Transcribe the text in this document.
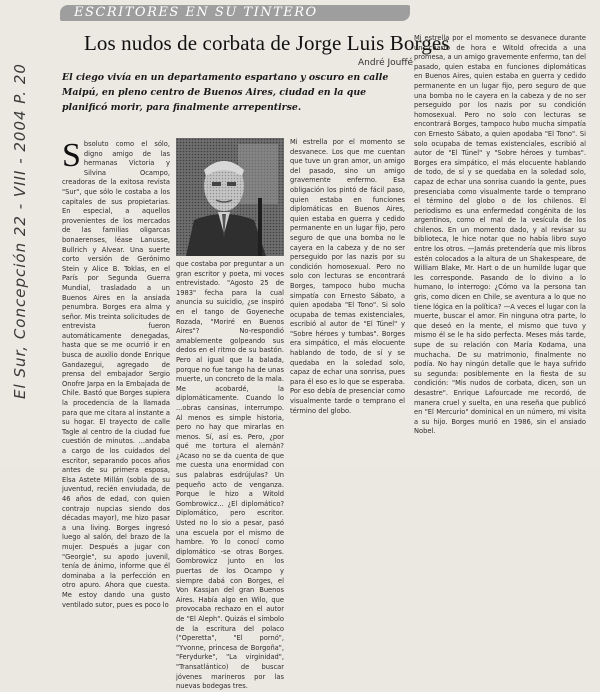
El Sur, Concepción 22 - VIII - 2004 P. 20
ESCRITORES EN SU TINTERO
Los nudos de corbata de Jorge Luis Borges
André Jouffé
El ciego vivía en un departamento espartano y oscuro en calle Maipú, en pleno centro de Buenos Aires, ciudad en la que planificó morir, para finalmente arrepentirse.
S bsoluto como el sólo, digno amigo de las hermanas Victoria y Silvina Ocampo, creadoras de la exitosa revista "Sur", que sólo le costaba a los capitales de sus propietarias. En especial, a aquellos provenientes de los mercados de las familias oligarcas bonaerenses, léase Lanusse, Bullrich y Alvear. Una suerte corto versión de Gerónimo Stein y Alice B. Toklas, en el París por Segunda Guerra Mundial, trasladado a un Buenos Aires en la ansiada penumbra. Borges era alma y señor. Mis treinta solicitudes de entrevista fueron automáticamente denegadas, hasta que se me ocurrió ir en busca de auxilio donde Enrique Gandazegui, agregado de prensa del embajador Sergio Onofre Jarpa en la Embajada de Chile. Bastó que Borges supiera la procedencia de la llamada para que me citara al instante a su hogar. El trayecto de calle Tagle al centro de la ciudad fue cuestión de minutos. ...andaba a cargo de los cuidados del escritor, separando pocos años antes de su primera esposa, Elsa Astete Millán (sobla de su juventud, recién enviudada, de 46 años de edad, con quien contrajo nupcias siendo dos décadas mayor), me hizo pasar a una living. Borges ingresó luego al salón, del brazo de la mujer. Después a jugar con "Georgie", su apodo juvenil, tenía de ánimo, informe que él dominaba a la perfección en otro apuro. Ahora que cuesta. Me estoy dando una gusto ventilado sutor, pues es poco lo
que costaba por preguntar a un gran escritor y poeta, mi voces entrevistado. "Agosto 25 de 1983" fecha para la cual anuncia su suicidio, ¿se inspiró en el tango de Goyeneche Rozada, "Moriré en Buenos Aires"? No-respondió amablemente golpeando sus dedos en el ritmo de su bastón. Pero al igual que la balada, porque no fue tango ha de unas muerte, un concreto de la mala. Me acobardé, la diplomáticamente. Cuando lo ...obras cansinas, interrumpo. Al menos es simple historia, pero no hay que mirarlas en menos. Sí, así es. Pero, ¿por qué me tortura el alemán? ¿Acaso no se da cuenta de que me cuesta una enormidad con sus palabras esdrújulas? Un pequeño acto de venganza. Porque le hizo a Witold Gombrowicz... ¿El diplomático? Diplomático, pero escritor. Usted no lo sio a pesar, pasó una escuela por el mismo de hambre. Yo lo conocí como diplomático -se otras Borges. Gombrowicz junto en los puertas de los Ocampo y siempre dabá con Borges, el Von Kassjan del gran Buenos Aires. Había algo en Wilo, que provocaba rechazo en el autor de "El Aleph". Quizás el símbolo de la escritura del polaco ("Operetta", "El pornó", "Yvonne, princesa de Borgoña", "Ferydurke", "La virginidad", "Transatlántico) de buscar jóvenes marineros por las nuevas bodegas tres.
Mi estrella por el momento se desvanece. Los que me cuentan que tuve un gran amor, un amigo del pasado, sino un amigo gravemente enfermo. Esa obligación los pintó de fácil paso, quien estaba en funciones diplomáticas en Buenos Aires, quien estaba en guerra y cedido permanente en un lugar fijo, pero seguro de que una bomba no le cayera en la cabeza y de no ser perseguido por las nazis por su condición homosexual. Pero no solo con lecturas se encontrará Borges, tampoco hubo mucha simpatía con Ernesto Sábato, a quien apodaba "El Tono". Si solo ocupaba de temas existenciales, escribió al autor de "El Túnel" y "Sobre héroes y tumbas". Borges era simpático, el más elocuente hablando de todo, de sí y se quedaba en la soledad solo, capaz de echar una sonrisa, pues para él eso es lo que se esperaba. Por eso debía de presenciar como visualmente tarde o temprano el término del globo.
Mi estrella por el momento se desvanece durante un cuarto de hora e Witold ofrecida a una promesa, a un amigo gravemente enfermo, tan del pasado, quien estaba en funciones diplomáticas en Buenos Aires, quien estaba en guerra y cedido permanente en un lugar fijo, pero seguro de que una bomba no le cayera en la cabeza y de no ser perseguido por los nazis por su condición homosexual. Pero no solo con lecturas se encontrará Borges, tampoco hubo mucha simpatía con Ernesto Sábato, a quien apodaba "El Tono". Si solo ocupaba de temas existenciales, escribió al autor de "El Túnel" y "Sobre héroes y tumbas". Borges era simpático, el más elocuente hablando de todo, de sí y se quedaba en la soledad solo, capaz de echar una sonrisa cuando la gente, pues presenciaba como visualmente tarde o temprano el término del globo o de los chilenos. El periodismo es una enfermedad congénita de los argentinos, como el mal de la vesícula de los chilenos. En un momento dado, y al revisar su biblioteca, le hice notar que no había libro suyo entre los otros. —Jamás pretendería que mis libros estén colocados a la altura de un Shakespeare, de William Blake, Mr. Hart o de un humilde lugar que les corresponde. Pasando de lo divino a lo humano, lo interrogo: ¿Cómo va la persona tan gris, como dicen en Chile, se aventura a lo que no tiene lógica en la política? —A veces el lugar con la muerte, buscar el amor. Fin ninguna otra parte, lo que deseó en la mente, el mismo que tuvo y mismo él se le ha sido perfecta. Meses más tarde, supe de su relación con María Kodama, una muchacha. De su matrimonio, finalmente no podía. No hay ningún detalle que le haya sufrido su segunda: posiblemente en la fiesta de su condición: "Mis nudos de corbata, dicen, son un desastre". Enrique Lafourcade me recordó, de manera cruel y suelta, en una reseña que publicó en "El Mercurio" dominical en un número, mi visita a su hijo. Borges murió en 1986, sin el ansiado Nobel.
